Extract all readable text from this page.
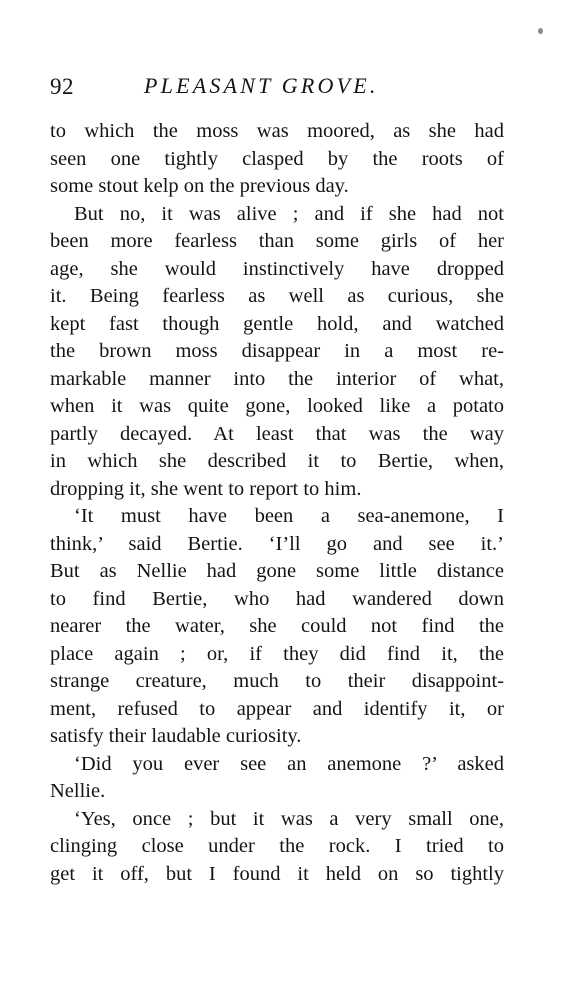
92	PLEASANT GROVE.
to which the moss was moored, as she had
seen one tightly clasped by the roots of
some stout kelp on the previous day.
But no, it was alive ; and if she had not
been more fearless than some girls of her
age, she would instinctively have dropped
it. Being fearless as well as curious, she
kept fast though gentle hold, and watched
the brown moss disappear in a most re-
markable manner into the interior of what,
when it was quite gone, looked like a potato
partly decayed. At least that was the way
in which she described it to Bertie, when,
dropping it, she went to report to him.
‘It must have been a sea-anemone, I
think,’ said Bertie. ‘I’ll go and see it.’
But as Nellie had gone some little distance
to find Bertie, who had wandered down
nearer the water, she could not find the
place again ; or, if they did find it, the
strange creature, much to their disappoint-
ment, refused to appear and identify it, or
satisfy their laudable curiosity.
‘Did you ever see an anemone ?’ asked
Nellie.
‘Yes, once ; but it was a very small one,
clinging close under the rock. I tried to
get it off, but I found it held on so tightly
